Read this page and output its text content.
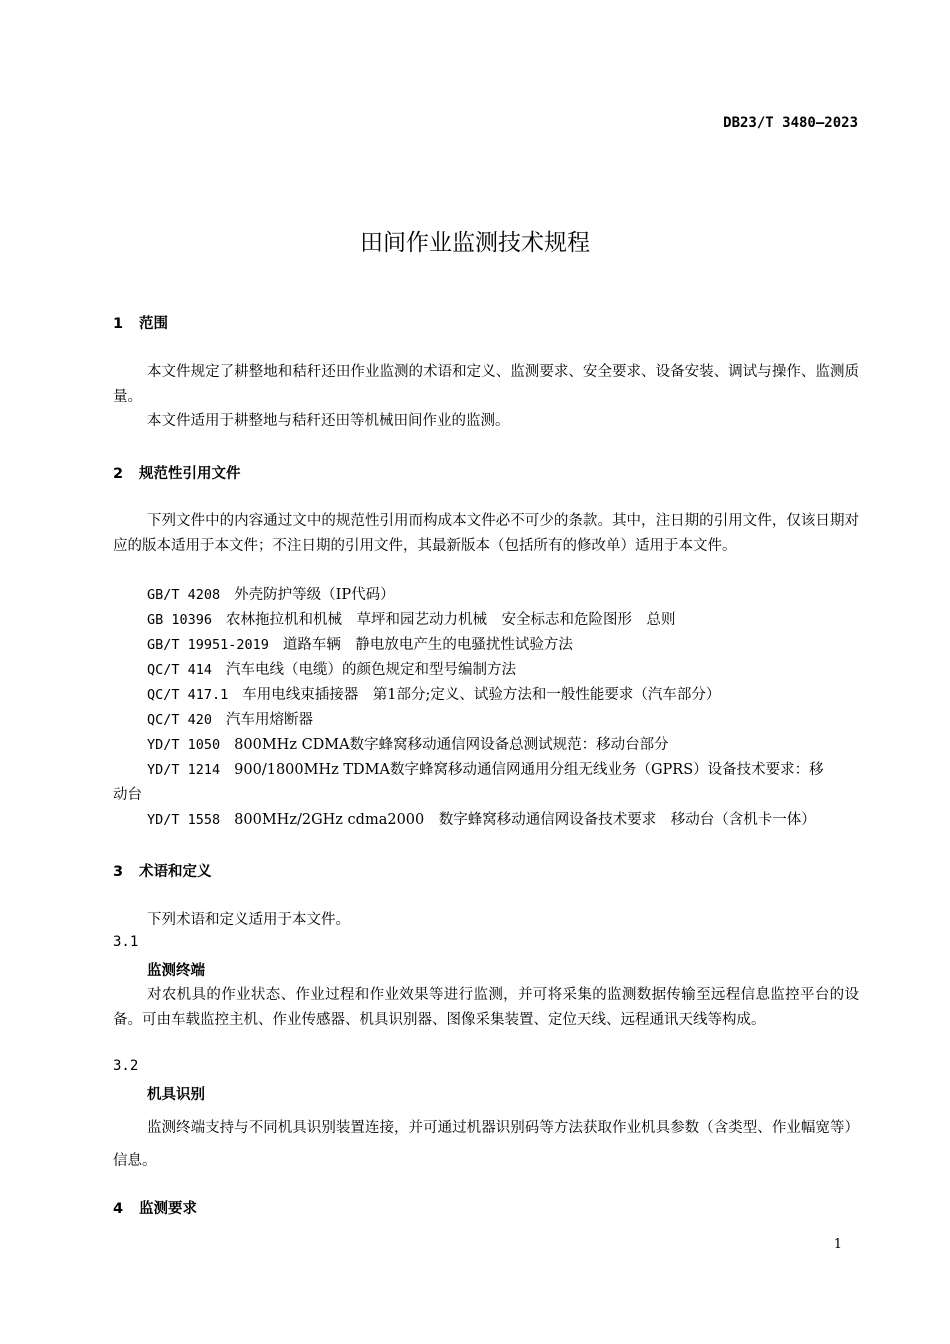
DB23/T 3480—2023
田间作业监测技术规程
1 范围
本文件规定了耕整地和秸秆还田作业监测的术语和定义、监测要求、安全要求、设备安装、调试与操作、监测质量。
本文件适用于耕整地与秸秆还田等机械田间作业的监测。
2 规范性引用文件
下列文件中的内容通过文中的规范性引用而构成本文件必不可少的条款。其中，注日期的引用文件，仅该日期对应的版本适用于本文件；不注日期的引用文件，其最新版本（包括所有的修改单）适用于本文件。
GB/T 4208 外壳防护等级（IP代码）
GB 10396 农林拖拉机和机械　草坪和园艺动力机械　安全标志和危险图形　总则
GB/T 19951-2019 道路车辆　静电放电产生的电骚扰性试验方法
QC/T 414 汽车电线（电缆）的颜色规定和型号编制方法
QC/T 417.1 车用电线束插接器　第1部分;定义、试验方法和一般性能要求（汽车部分）
QC/T 420 汽车用熔断器
YD/T 1050 800MHz CDMA数字蜂窝移动通信网设备总测试规范：移动台部分
YD/T 1214 900/1800MHz TDMA数字蜂窝移动通信网通用分组无线业务（GPRS）设备技术要求：移
动台
YD/T 1558 800MHz/2GHz cdma2000　数字蜂窝移动通信网设备技术要求　移动台（含机卡一体）
3 术语和定义
下列术语和定义适用于本文件。
3.1
监测终端
对农机具的作业状态、作业过程和作业效果等进行监测，并可将采集的监测数据传输至远程信息监控平台的设备。可由车载监控主机、作业传感器、机具识别器、图像采集装置、定位天线、远程通讯天线等构成。
3.2
机具识别
监测终端支持与不同机具识别装置连接，并可通过机器识别码等方法获取作业机具参数（含类型、作业幅宽等）信息。
4 监测要求
1
